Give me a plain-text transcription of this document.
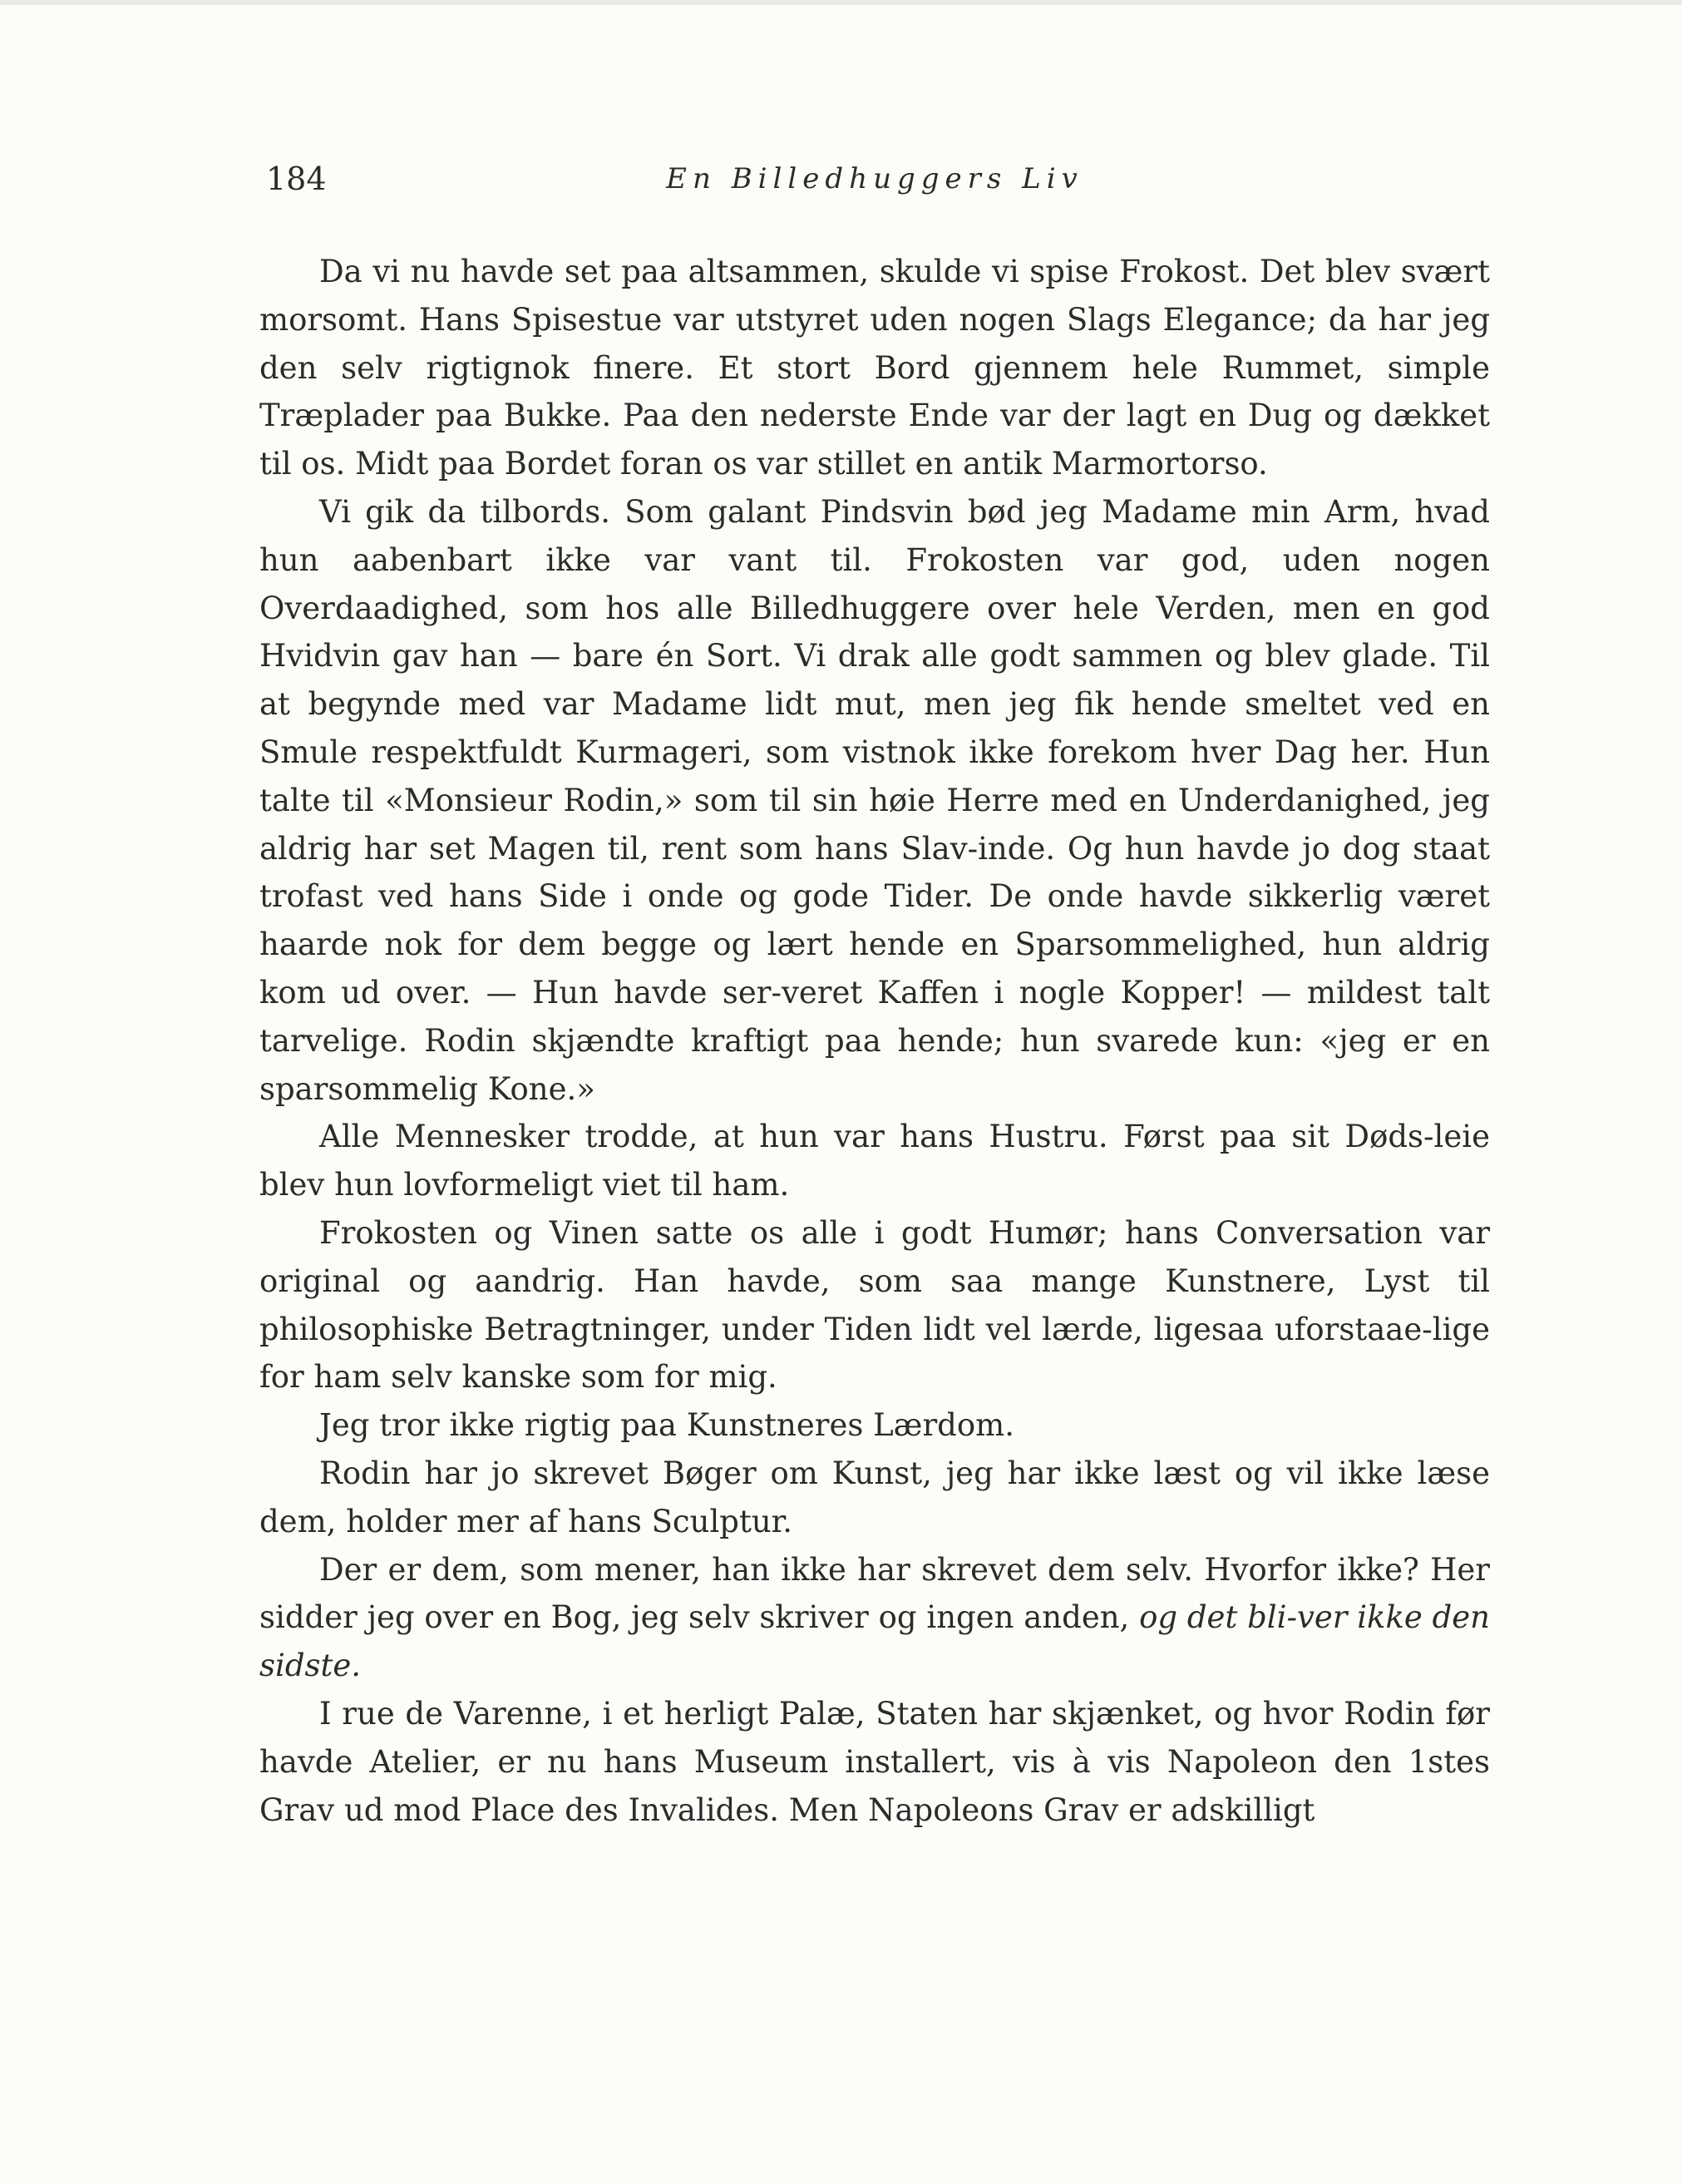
184	En Billedhuggers Liv

Da vi nu havde set paa altsammen, skulde vi spise Frokost. Det blev svært morsomt. Hans Spisestue var utstyret uden nogen Slags Elegance; da har jeg den selv rigtignok finere. Et stort Bord gjennem hele Rummet, simple Træplader paa Bukke. Paa den nederste Ende var der lagt en Dug og dækket til os. Midt paa Bordet foran os var stillet en antik Marmortorso.

Vi gik da tilbords. Som galant Pindsvin bød jeg Madame min Arm, hvad hun aabenbart ikke var vant til. Frokosten var god, uden nogen Overdaadighed, som hos alle Billedhuggere over hele Verden, men en god Hvidvin gav han — bare én Sort. Vi drak alle godt sammen og blev glade. Til at begynde med var Madame lidt mut, men jeg fik hende smeltet ved en Smule respektfuldt Kurmageri, som vistnok ikke forekom hver Dag her. Hun talte til «Monsieur Rodin,» som til sin høie Herre med en Underdanighed, jeg aldrig har set Magen til, rent som hans Slav-inde. Og hun havde jo dog staat trofast ved hans Side i onde og gode Tider. De onde havde sikkerlig været haarde nok for dem begge og lært hende en Sparsommelighed, hun aldrig kom ud over. — Hun havde ser-veret Kaffen i nogle Kopper! — mildest talt tarvelige. Rodin skjændte kraftigt paa hende; hun svarede kun: «jeg er en sparsommelig Kone.»

Alle Mennesker trodde, at hun var hans Hustru. Først paa sit Døds-leie blev hun lovformeligt viet til ham.

Frokosten og Vinen satte os alle i godt Humør; hans Conversation var original og aandrig. Han havde, som saa mange Kunstnere, Lyst til philosophiske Betragtninger, under Tiden lidt vel lærde, ligesaa uforstaae-lige for ham selv kanske som for mig.

Jeg tror ikke rigtig paa Kunstneres Lærdom.

Rodin har jo skrevet Bøger om Kunst, jeg har ikke læst og vil ikke læse dem, holder mer af hans Sculptur.

Der er dem, som mener, han ikke har skrevet dem selv. Hvorfor ikke? Her sidder jeg over en Bog, jeg selv skriver og ingen anden, og det bli-ver ikke den sidste.

I rue de Varenne, i et herligt Palæ, Staten har skjænket, og hvor Rodin før havde Atelier, er nu hans Museum installert, vis à vis Napoleon den 1stes Grav ud mod Place des Invalides. Men Napoleons Grav er adskilligt
